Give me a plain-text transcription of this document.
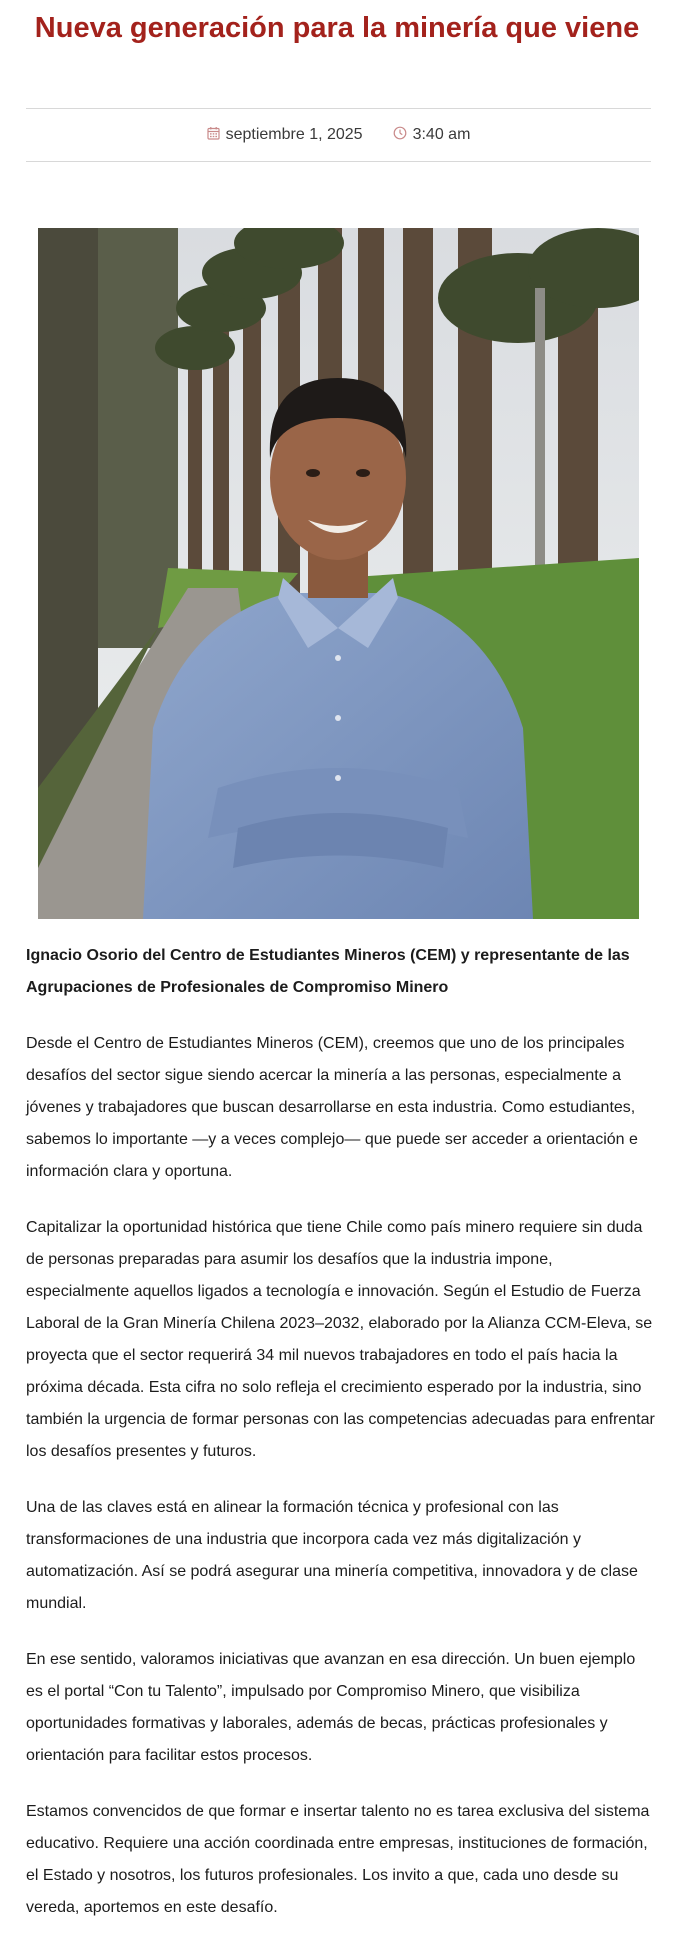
Nueva generación para la minería que viene
septiembre 1, 2025	3:40 am

Ignacio Osorio del Centro de Estudiantes Mineros (CEM) y representante de las Agrupaciones de Profesionales de Compromiso Minero

Desde el Centro de Estudiantes Mineros (CEM), creemos que uno de los principales desafíos del sector sigue siendo acercar la minería a las personas, especialmente a jóvenes y trabajadores que buscan desarrollarse en esta industria. Como estudiantes, sabemos lo importante —y a veces complejo— que puede ser acceder a orientación e información clara y oportuna.

Capitalizar la oportunidad histórica que tiene Chile como país minero requiere sin duda de personas preparadas para asumir los desafíos que la industria impone, especialmente aquellos ligados a tecnología e innovación. Según el Estudio de Fuerza Laboral de la Gran Minería Chilena 2023–2032, elaborado por la Alianza CCM-Eleva, se proyecta que el sector requerirá 34 mil nuevos trabajadores en todo el país hacia la próxima década. Esta cifra no solo refleja el crecimiento esperado por la industria, sino también la urgencia de formar personas con las competencias adecuadas para enfrentar los desafíos presentes y futuros.

Una de las claves está en alinear la formación técnica y profesional con las transformaciones de una industria que incorpora cada vez más digitalización y automatización. Así se podrá asegurar una minería competitiva, innovadora y de clase mundial.

En ese sentido, valoramos iniciativas que avanzan en esa dirección. Un buen ejemplo es el portal “Con tu Talento”, impulsado por Compromiso Minero, que visibiliza oportunidades formativas y laborales, además de becas, prácticas profesionales y orientación para facilitar estos procesos.

Estamos convencidos de que formar e insertar talento no es tarea exclusiva del sistema educativo. Requiere una acción coordinada entre empresas, instituciones de formación, el Estado y nosotros, los futuros profesionales. Los invito a que, cada uno desde su vereda, aportemos en este desafío.
